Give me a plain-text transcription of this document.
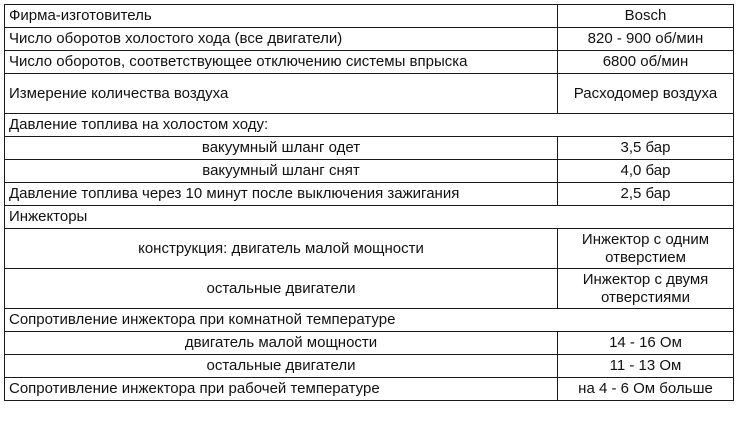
Фирма-изготовитель	Bosch
Число оборотов холостого хода (все двигатели)	820 - 900 об/мин
Число оборотов, соответствующее отключению системы впрыска	6800 об/мин
Измерение количества воздуха	Расходомер воздуха
Давление топлива на холостом ходу:	
вакуумный шланг одет	3,5 бар
вакуумный шланг снят	4,0 бар
Давление топлива через 10 минут после выключения зажигания	2,5 бар
Инжекторы	
конструкция: двигатель малой мощности	Инжектор с одним отверстием
остальные двигатели	Инжектор с двумя отверстиями
Сопротивление инжектора при комнатной температуре	
двигатель малой мощности	14 - 16 Ом
остальные двигатели	11 - 13 Ом
Сопротивление инжектора при рабочей температуре	на 4 - 6 Ом больше
